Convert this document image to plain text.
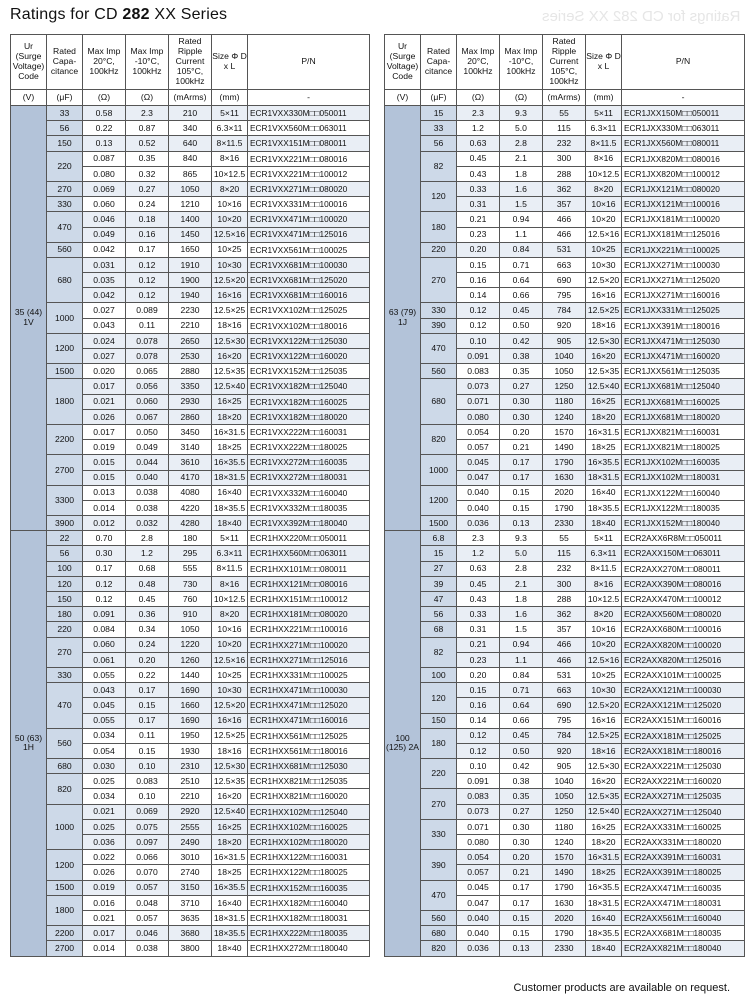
Ratings for CD 282 XX Series	Ratings for CD 282 XX Series
Ur (Surge Voltage) Code	Rated Capa-citance	Max Imp 20°C, 100kHz	Max Imp -10°C, 100kHz	Rated Ripple Current 105°C, 100kHz	Size Φ D x L	P/N
(V)	(μF)	(Ω)	(Ω)	(mArms)	(mm)	-
35 (44) 1V	33	0.58	2.3	210	5×11	ECR1VXX330M□□050011
	56	0.22	0.87	340	6.3×11	ECR1VXX560M□□063011
	150	0.13	0.52	640	8×11.5	ECR1VXX151M□□080011
	220	0.087	0.35	840	8×16	ECR1VXX221M□□080016
		0.080	0.32	865	10×12.5	ECR1VXX221M□□100012
	270	0.069	0.27	1050	8×20	ECR1VXX271M□□080020
	330	0.060	0.24	1210	10×16	ECR1VXX331M□□100016
	470	0.046	0.18	1400	10×20	ECR1VXX471M□□100020
		0.049	0.16	1450	12.5×16	ECR1VXX471M□□125016
	560	0.042	0.17	1650	10×25	ECR1VXX561M□□100025
	680	0.031	0.12	1910	10×30	ECR1VXX681M□□100030
		0.035	0.12	1900	12.5×20	ECR1VXX681M□□125020
		0.042	0.12	1940	16×16	ECR1VXX681M□□160016
	1000	0.027	0.089	2230	12.5×25	ECR1VXX102M□□125025
		0.043	0.11	2210	18×16	ECR1VXX102M□□180016
	1200	0.024	0.078	2650	12.5×30	ECR1VXX122M□□125030
		0.027	0.078	2530	16×20	ECR1VXX122M□□160020
	1500	0.020	0.065	2880	12.5×35	ECR1VXX152M□□125035
	1800	0.017	0.056	3350	12.5×40	ECR1VXX182M□□125040
		0.021	0.060	2930	16×25	ECR1VXX182M□□160025
		0.026	0.067	2860	18×20	ECR1VXX182M□□180020
	2200	0.017	0.050	3450	16×31.5	ECR1VXX222M□□160031
		0.019	0.049	3140	18×25	ECR1VXX222M□□180025
	2700	0.015	0.044	3610	16×35.5	ECR1VXX272M□□160035
		0.015	0.040	4170	18×31.5	ECR1VXX272M□□180031
	3300	0.013	0.038	4080	16×40	ECR1VXX332M□□160040
		0.014	0.038	4220	18×35.5	ECR1VXX332M□□180035
	3900	0.012	0.032	4280	18×40	ECR1VXX392M□□180040
50 (63) 1H	22	0.70	2.8	180	5×11	ECR1HXX220M□□050011
	56	0.30	1.2	295	6.3×11	ECR1HXX560M□□063011
	100	0.17	0.68	555	8×11.5	ECR1HXX101M□□080011
	120	0.12	0.48	730	8×16	ECR1HXX121M□□080016
	150	0.12	0.45	760	10×12.5	ECR1HXX151M□□100012
	180	0.091	0.36	910	8×20	ECR1HXX181M□□080020
	220	0.084	0.34	1050	10×16	ECR1HXX221M□□100016
	270	0.060	0.24	1220	10×20	ECR1HXX271M□□100020
		0.061	0.20	1260	12.5×16	ECR1HXX271M□□125016
	330	0.055	0.22	1440	10×25	ECR1HXX331M□□100025
	470	0.043	0.17	1690	10×30	ECR1HXX471M□□100030
		0.045	0.15	1660	12.5×20	ECR1HXX471M□□125020
		0.055	0.17	1690	16×16	ECR1HXX471M□□160016
	560	0.034	0.11	1950	12.5×25	ECR1HXX561M□□125025
		0.054	0.15	1930	18×16	ECR1HXX561M□□180016
	680	0.030	0.10	2310	12.5×30	ECR1HXX681M□□125030
	820	0.025	0.083	2510	12.5×35	ECR1HXX821M□□125035
		0.034	0.10	2210	16×20	ECR1HXX821M□□160020
	1000	0.021	0.069	2920	12.5×40	ECR1HXX102M□□125040
		0.025	0.075	2555	16×25	ECR1HXX102M□□160025
		0.036	0.097	2490	18×20	ECR1HXX102M□□180020
	1200	0.022	0.066	3010	16×31.5	ECR1HXX122M□□160031
		0.026	0.070	2740	18×25	ECR1HXX122M□□180025
	1500	0.019	0.057	3150	16×35.5	ECR1HXX152M□□160035
	1800	0.016	0.048	3710	16×40	ECR1HXX182M□□160040
		0.021	0.057	3635	18×31.5	ECR1HXX182M□□180031
	2200	0.017	0.046	3680	18×35.5	ECR1HXX222M□□180035
	2700	0.014	0.038	3800	18×40	ECR1HXX272M□□180040
Ur (Surge Voltage) Code	Rated Capa-citance	Max Imp 20°C, 100kHz	Max Imp -10°C, 100kHz	Rated Ripple Current 105°C, 100kHz	Size Φ D x L	P/N
(V)	(μF)	(Ω)	(Ω)	(mArms)	(mm)	-
63 (79) 1J	15	2.3	9.3	55	5×11	ECR1JXX150M□□050011
	33	1.2	5.0	115	6.3×11	ECR1JXX330M□□063011
	56	0.63	2.8	232	8×11.5	ECR1JXX560M□□080011
	82	0.45	2.1	300	8×16	ECR1JXX820M□□080016
		0.43	1.8	288	10×12.5	ECR1JXX820M□□100012
	120	0.33	1.6	362	8×20	ECR1JXX121M□□080020
		0.31	1.5	357	10×16	ECR1JXX121M□□100016
	180	0.21	0.94	466	10×20	ECR1JXX181M□□100020
		0.23	1.1	466	12.5×16	ECR1JXX181M□□125016
	220	0.20	0.84	531	10×25	ECR1JXX221M□□100025
	270	0.15	0.71	663	10×30	ECR1JXX271M□□100030
		0.16	0.64	690	12.5×20	ECR1JXX271M□□125020
		0.14	0.66	795	16×16	ECR1JXX271M□□160016
	330	0.12	0.45	784	12.5×25	ECR1JXX331M□□125025
	390	0.12	0.50	920	18×16	ECR1JXX391M□□180016
	470	0.10	0.42	905	12.5×30	ECR1JXX471M□□125030
		0.091	0.38	1040	16×20	ECR1JXX471M□□160020
	560	0.083	0.35	1050	12.5×35	ECR1JXX561M□□125035
	680	0.073	0.27	1250	12.5×40	ECR1JXX681M□□125040
		0.071	0.30	1180	16×25	ECR1JXX681M□□160025
		0.080	0.30	1240	18×20	ECR1JXX681M□□180020
	820	0.054	0.20	1570	16×31.5	ECR1JXX821M□□160031
		0.057	0.21	1490	18×25	ECR1JXX821M□□180025
	1000	0.045	0.17	1790	16×35.5	ECR1JXX102M□□160035
		0.047	0.17	1630	18×31.5	ECR1JXX102M□□180031
	1200	0.040	0.15	2020	16×40	ECR1JXX122M□□160040
		0.040	0.15	1790	18×35.5	ECR1JXX122M□□180035
	1500	0.036	0.13	2330	18×40	ECR1JXX152M□□180040
100 (125) 2A	6.8	2.3	9.3	55	5×11	ECR2AXX6R8M□□050011
	15	1.2	5.0	115	6.3×11	ECR2AXX150M□□063011
	27	0.63	2.8	232	8×11.5	ECR2AXX270M□□080011
	39	0.45	2.1	300	8×16	ECR2AXX390M□□080016
	47	0.43	1.8	288	10×12.5	ECR2AXX470M□□100012
	56	0.33	1.6	362	8×20	ECR2AXX560M□□080020
	68	0.31	1.5	357	10×16	ECR2AXX680M□□100016
	82	0.21	0.94	466	10×20	ECR2AXX820M□□100020
		0.23	1.1	466	12.5×16	ECR2AXX820M□□125016
	100	0.20	0.84	531	10×25	ECR2AXX101M□□100025
	120	0.15	0.71	663	10×30	ECR2AXX121M□□100030
		0.16	0.64	690	12.5×20	ECR2AXX121M□□125020
	150	0.14	0.66	795	16×16	ECR2AXX151M□□160016
	180	0.12	0.45	784	12.5×25	ECR2AXX181M□□125025
		0.12	0.50	920	18×16	ECR2AXX181M□□180016
	220	0.10	0.42	905	12.5×30	ECR2AXX221M□□125030
		0.091	0.38	1040	16×20	ECR2AXX221M□□160020
	270	0.083	0.35	1050	12.5×35	ECR2AXX271M□□125035
		0.073	0.27	1250	12.5×40	ECR2AXX271M□□125040
	330	0.071	0.30	1180	16×25	ECR2AXX331M□□160025
		0.080	0.30	1240	18×20	ECR2AXX331M□□180020
	390	0.054	0.20	1570	16×31.5	ECR2AXX391M□□160031
		0.057	0.21	1490	18×25	ECR2AXX391M□□180025
	470	0.045	0.17	1790	16×35.5	ECR2AXX471M□□160035
		0.047	0.17	1630	18×31.5	ECR2AXX471M□□180031
	560	0.040	0.15	2020	16×40	ECR2AXX561M□□160040
	680	0.040	0.15	1790	18×35.5	ECR2AXX681M□□180035
	820	0.036	0.13	2330	18×40	ECR2AXX821M□□180040
Customer products are available on request.
